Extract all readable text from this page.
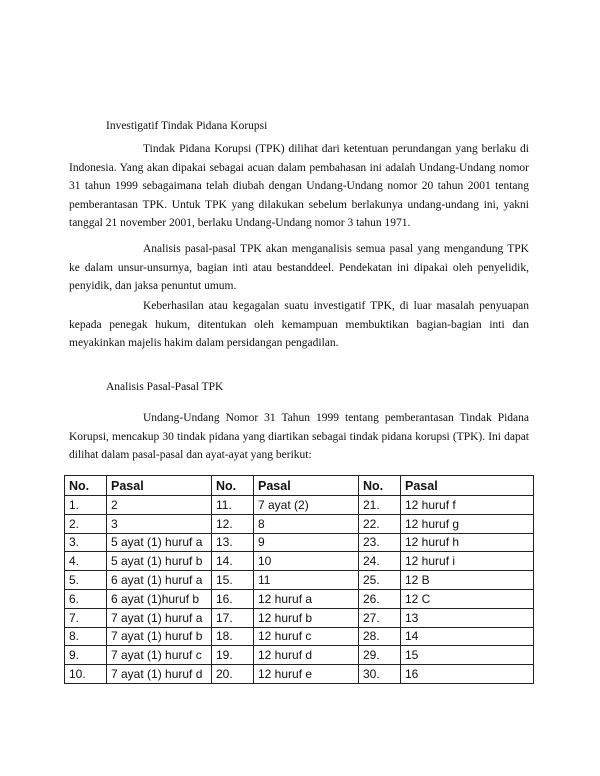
Investigatif Tindak Pidana Korupsi

Tindak Pidana Korupsi (TPK) dilihat dari ketentuan perundangan yang berlaku di Indonesia. Yang akan dipakai sebagai acuan dalam pembahasan ini adalah Undang-Undang nomor 31 tahun 1999 sebagaimana telah diubah dengan Undang-Undang nomor 20 tahun 2001 tentang pemberantasan TPK. Untuk TPK yang dilakukan sebelum berlakunya undang-undang ini, yakni tanggal 21 november 2001, berlaku Undang-Undang nomor 3 tahun 1971.

Analisis pasal-pasal TPK akan menganalisis semua pasal yang mengandung TPK ke dalam unsur-unsurnya, bagian inti atau bestanddeel. Pendekatan ini dipakai oleh penyelidik, penyidik, dan jaksa penuntut umum.

Keberhasilan atau kegagalan suatu investigatif TPK, di luar masalah penyuapan kepada penegak hukum, ditentukan oleh kemampuan membuktikan bagian-bagian inti dan meyakinkan majelis hakim dalam persidangan pengadilan.

Analisis Pasal-Pasal TPK

Undang-Undang Nomor 31 Tahun 1999 tentang pemberantasan Tindak Pidana Korupsi, mencakup 30 tindak pidana yang diartikan sebagai tindak pidana korupsi (TPK). Ini dapat dilihat dalam pasal-pasal dan ayat-ayat yang berikut:

No.	Pasal	No.	Pasal	No.	Pasal
1.	2	11.	7 ayat (2)	21.	12 huruf f
2.	3	12.	8	22.	12 huruf g
3.	5 ayat (1) huruf a	13.	9	23.	12 huruf h
4.	5 ayat (1) huruf b	14.	10	24.	12 huruf i
5.	6 ayat (1) huruf a	15.	11	25.	12 B
6.	6 ayat (1)huruf b	16.	12 huruf a	26.	12 C
7.	7 ayat (1) huruf a	17.	12 huruf b	27.	13
8.	7 ayat (1) huruf b	18.	12 huruf c	28.	14
9.	7 ayat (1) huruf c	19.	12 huruf d	29.	15
10.	7 ayat (1) huruf d	20.	12 huruf e	30.	16
